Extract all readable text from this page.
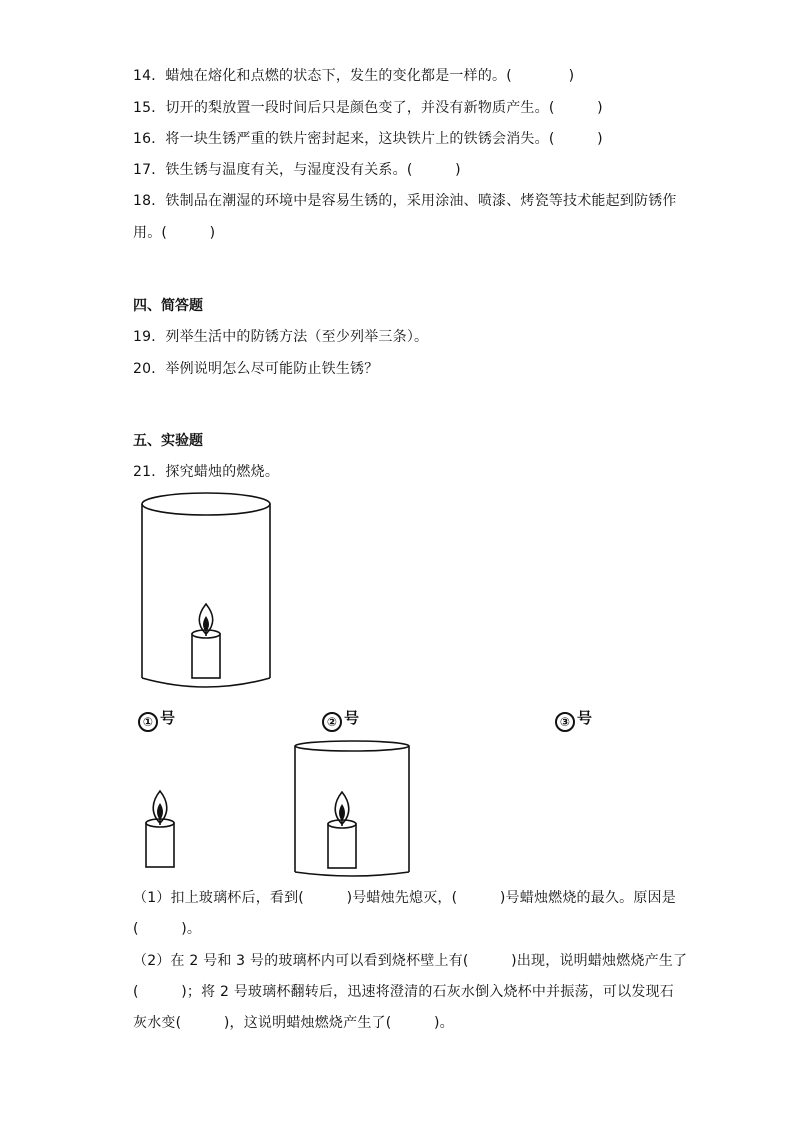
14．蜡烛在熔化和点燃的状态下，发生的变化都是一样的。(　　　　)

15．切开的梨放置一段时间后只是颜色变了，并没有新物质产生。(　　　)

16．将一块生锈严重的铁片密封起来，这块铁片上的铁锈会消失。(　　　)

17．铁生锈与温度有关，与湿度没有关系。(　　　)

18．铁制品在潮湿的环境中是容易生锈的，采用涂油、喷漆、烤瓷等技术能起到防锈作

用。(　　　)

四、简答题

19．列举生活中的防锈方法（至少列举三条）。

20．举例说明怎么尽可能防止铁生锈？

五、实验题

21．探究蜡烛的燃烧。

① 号	② 号	③ 号

（1）扣上玻璃杯后，看到(　　　)号蜡烛先熄灭，(　　　)号蜡烛燃烧的最久。原因是

(　　　)。

（2）在 2 号和 3 号的玻璃杯内可以看到烧杯壁上有(　　　)出现，说明蜡烛燃烧产生了

(　　　)；将 2 号玻璃杯翻转后，迅速将澄清的石灰水倒入烧杯中并振荡，可以发现石

灰水变(　　　)，这说明蜡烛燃烧产生了(　　　)。
